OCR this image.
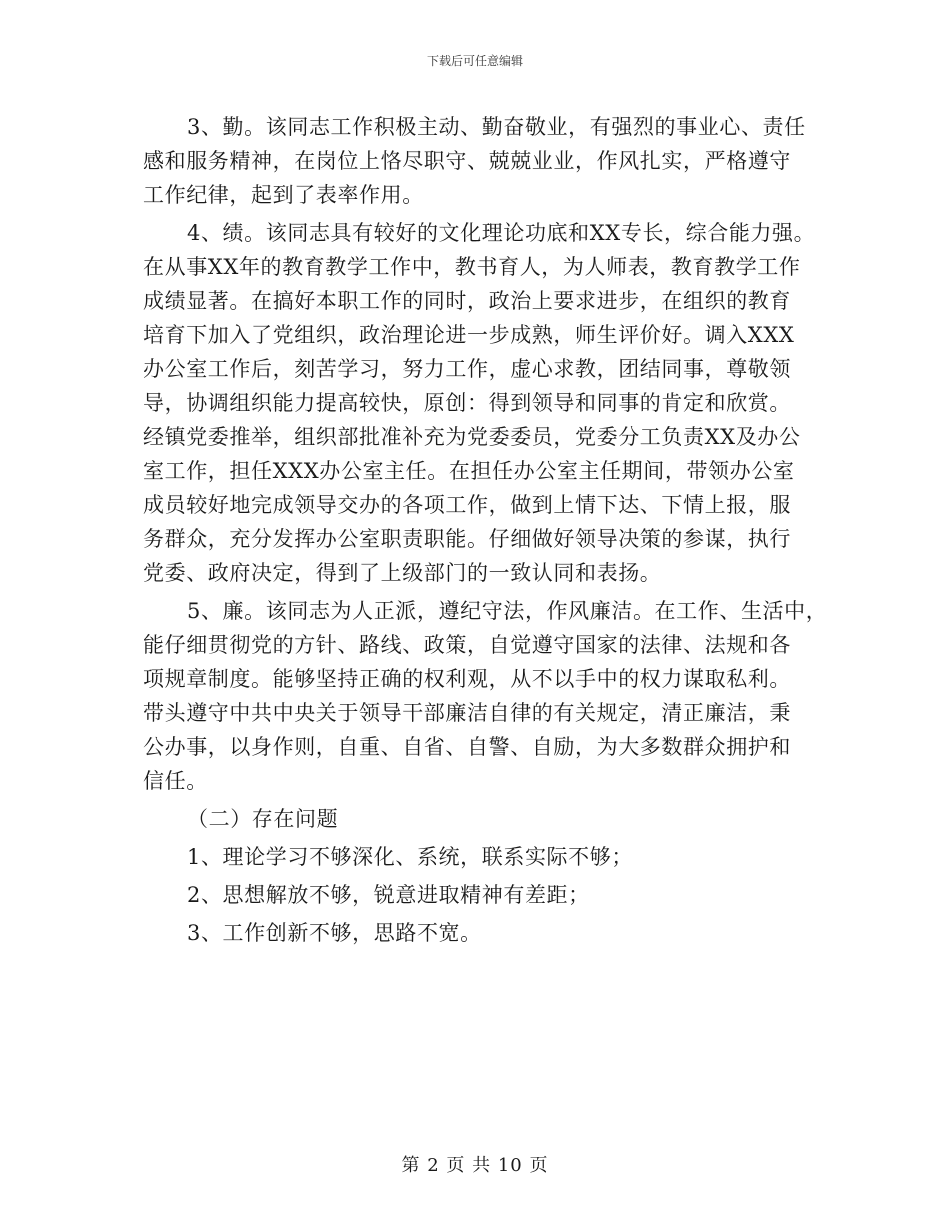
下载后可任意编辑
3、勤。该同志工作积极主动、勤奋敬业，有强烈的事业心、责任
感和服务精神，在岗位上恪尽职守、兢兢业业，作风扎实，严格遵守
工作纪律，起到了表率作用。
4、绩。该同志具有较好的文化理论功底和XX专长，综合能力强。
在从事XX年的教育教学工作中，教书育人，为人师表，教育教学工作
成绩显著。在搞好本职工作的同时，政治上要求进步，在组织的教育
培育下加入了党组织，政治理论进一步成熟，师生评价好。调入XXX
办公室工作后，刻苦学习，努力工作，虚心求教，团结同事，尊敬领
导，协调组织能力提高较快，原创：得到领导和同事的肯定和欣赏。
经镇党委推举，组织部批准补充为党委委员，党委分工负责XX及办公
室工作，担任XXX办公室主任。在担任办公室主任期间，带领办公室
成员较好地完成领导交办的各项工作，做到上情下达、下情上报，服
务群众，充分发挥办公室职责职能。仔细做好领导决策的参谋，执行
党委、政府决定，得到了上级部门的一致认同和表扬。
5、廉。该同志为人正派，遵纪守法，作风廉洁。在工作、生活中，
能仔细贯彻党的方针、路线、政策，自觉遵守国家的法律、法规和各
项规章制度。能够坚持正确的权利观，从不以手中的权力谋取私利。
带头遵守中共中央关于领导干部廉洁自律的有关规定，清正廉洁，秉
公办事，以身作则，自重、自省、自警、自励，为大多数群众拥护和
信任。
（二）存在问题
1、理论学习不够深化、系统，联系实际不够；
2、思想解放不够，锐意进取精神有差距；
3、工作创新不够，思路不宽。
第 2 页 共 10 页
